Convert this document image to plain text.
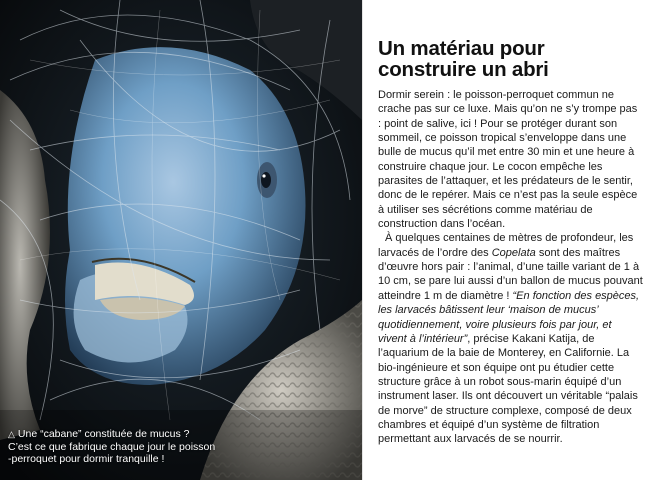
△ Une “cabane” constituée de mucus ?
C’est ce que fabrique chaque jour le poisson
-perroquet pour dormir tranquille !
Un matériau pour
construire un abri

Dormir serein : le poisson-perroquet commun ne crache pas sur ce luxe. Mais qu’on ne s’y trompe pas : point de salive, ici ! Pour se protéger durant son sommeil, ce poisson tropical s’enveloppe dans une bulle de mucus qu’il met entre 30 min et une heure à construire chaque jour. Le cocon empêche les parasites de l’attaquer, et les prédateurs de le sentir, donc de le repérer. Mais ce n’est pas la seule espèce à utiliser ses sécrétions comme matériau de construction dans l’océan.

À quelques centaines de mètres de profondeur, les larvacés de l’ordre des Copelata sont des maîtres d’œuvre hors pair : l’animal, d’une taille variant de 1 à 10 cm, se pare lui aussi d’un ballon de mucus pouvant atteindre 1 m de diamètre ! “En fonction des espèces, les larvacés bâtissent leur ‘maison de mucus’ quotidiennement, voire plusieurs fois par jour, et vivent à l’intérieur”, précise Kakani Katija, de l’aquarium de la baie de Monterey, en Californie. La bio-ingénieure et son équipe ont pu étudier cette structure grâce à un robot sous-marin équipé d’un instrument laser. Ils ont découvert un véritable “palais de morve” de structure complexe, composé de deux chambres et équipé d’un système de filtration permettant aux larvacés de se nourrir.
